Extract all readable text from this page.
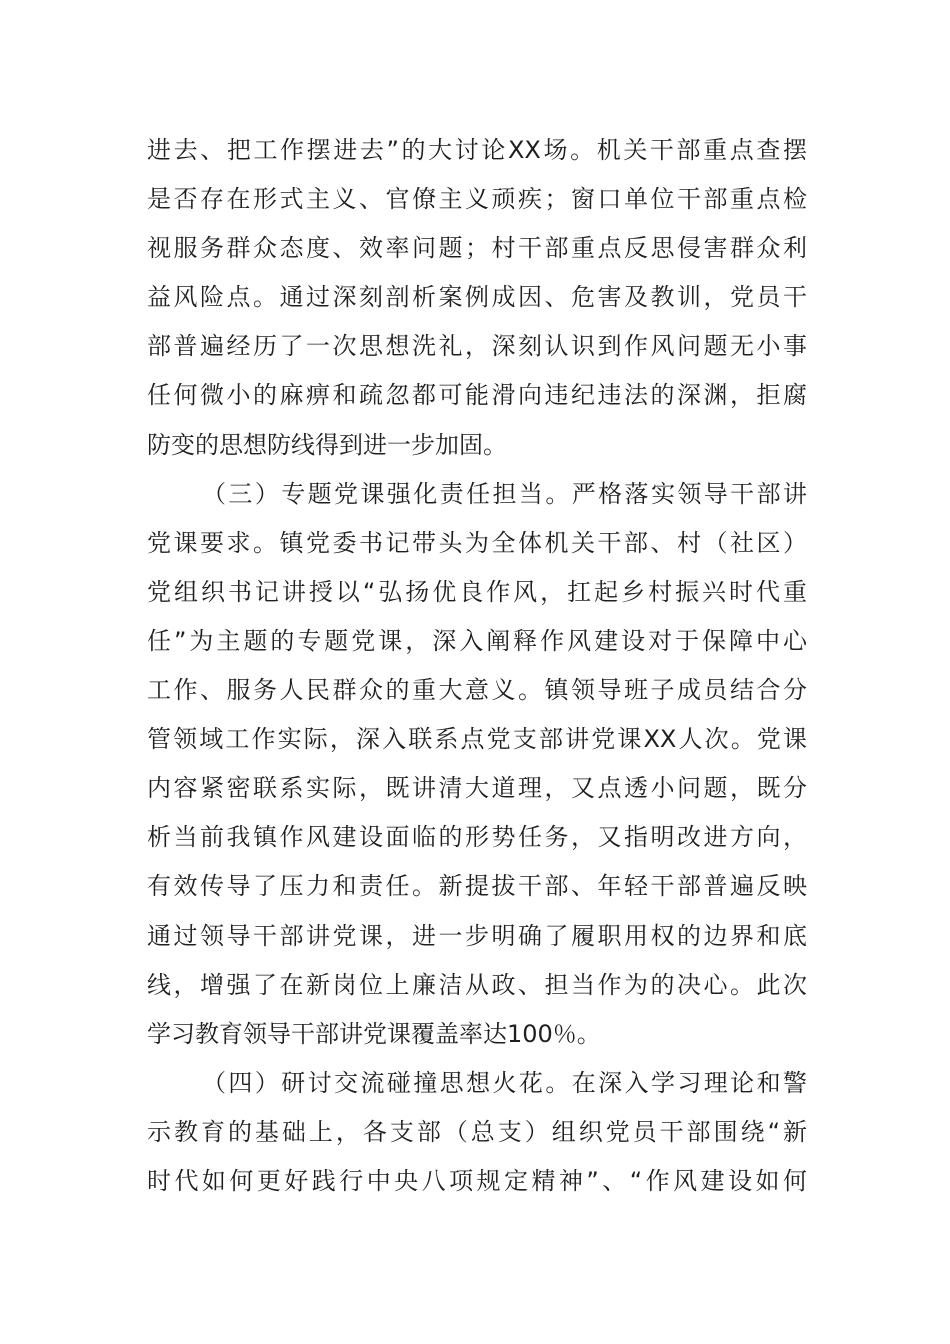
进去、把工作摆进去”的大讨论XX场。机关干部重点查摆
是否存在形式主义、官僚主义顽疾；窗口单位干部重点检
视服务群众态度、效率问题；村干部重点反思侵害群众利
益风险点。通过深刻剖析案例成因、危害及教训，党员干
部普遍经历了一次思想洗礼，深刻认识到作风问题无小事
任何微小的麻痹和疏忽都可能滑向违纪违法的深渊，拒腐
防变的思想防线得到进一步加固。
（三）专题党课强化责任担当。严格落实领导干部讲
党课要求。镇党委书记带头为全体机关干部、村（社区）
党组织书记讲授以“弘扬优良作风，扛起乡村振兴时代重
任”为主题的专题党课，深入阐释作风建设对于保障中心
工作、服务人民群众的重大意义。镇领导班子成员结合分
管领域工作实际，深入联系点党支部讲党课XX人次。党课
内容紧密联系实际，既讲清大道理，又点透小问题，既分
析当前我镇作风建设面临的形势任务，又指明改进方向，
有效传导了压力和责任。新提拔干部、年轻干部普遍反映
通过领导干部讲党课，进一步明确了履职用权的边界和底
线，增强了在新岗位上廉洁从政、担当作为的决心。此次
学习教育领导干部讲党课覆盖率达100％。
（四）研讨交流碰撞思想火花。在深入学习理论和警
示教育的基础上，各支部（总支）组织党员干部围绕“新
时代如何更好践行中央八项规定精神”、“作风建设如何
